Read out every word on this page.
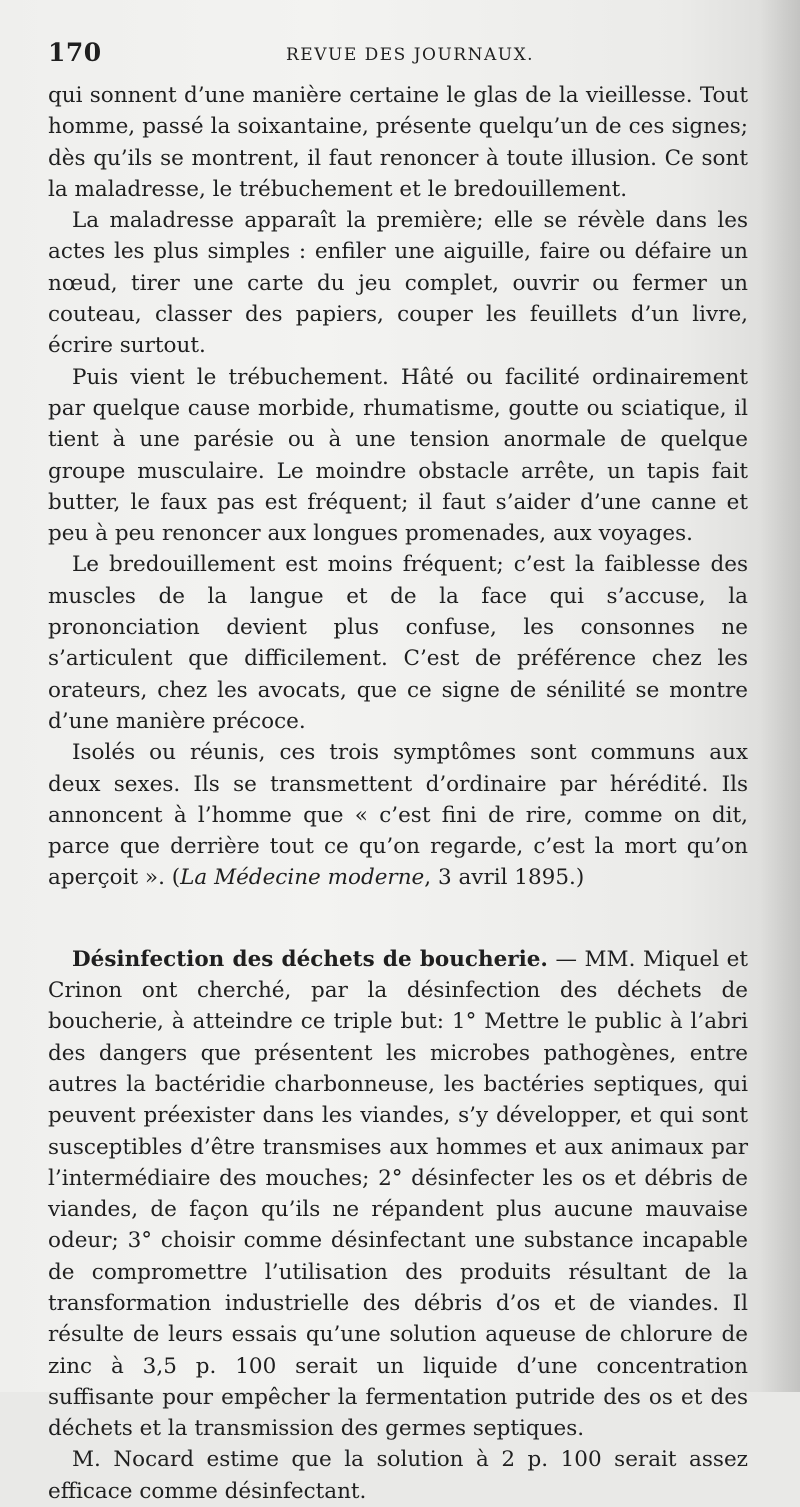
170	REVUE DES JOURNAUX.

qui sonnent d’une manière certaine le glas de la vieillesse. Tout homme, passé la soixantaine, présente quelqu’un de ces signes; dès qu’ils se montrent, il faut renoncer à toute illusion. Ce sont la maladresse, le trébuchement et le bredouillement.

La maladresse apparaît la première; elle se révèle dans les actes les plus simples : enfiler une aiguille, faire ou défaire un nœud, tirer une carte du jeu complet, ouvrir ou fermer un couteau, classer des papiers, couper les feuillets d’un livre, écrire surtout.

Puis vient le trébuchement. Hâté ou facilité ordinairement par quelque cause morbide, rhumatisme, goutte ou sciatique, il tient à une parésie ou à une tension anormale de quelque groupe musculaire. Le moindre obstacle arrête, un tapis fait butter, le faux pas est fréquent; il faut s’aider d’une canne et peu à peu renoncer aux longues promenades, aux voyages.

Le bredouillement est moins fréquent; c’est la faiblesse des muscles de la langue et de la face qui s’accuse, la prononciation devient plus confuse, les consonnes ne s’articulent que difficilement. C’est de préférence chez les orateurs, chez les avocats, que ce signe de sénilité se montre d’une manière précoce.

Isolés ou réunis, ces trois symptômes sont communs aux deux sexes. Ils se transmettent d’ordinaire par hérédité. Ils annoncent à l’homme que « c’est fini de rire, comme on dit, parce que derrière tout ce qu’on regarde, c’est la mort qu’on aperçoit ». (La Médecine moderne, 3 avril 1895.)

Désinfection des déchets de boucherie. — MM. Miquel et Crinon ont cherché, par la désinfection des déchets de boucherie, à atteindre ce triple but: 1° Mettre le public à l’abri des dangers que présentent les microbes pathogènes, entre autres la bactéridie charbonneuse, les bactéries septiques, qui peuvent préexister dans les viandes, s’y développer, et qui sont susceptibles d’être transmises aux hommes et aux animaux par l’intermédiaire des mouches; 2° désinfecter les os et débris de viandes, de façon qu’ils ne répandent plus aucune mauvaise odeur; 3° choisir comme désinfectant une substance incapable de compromettre l’utilisation des produits résultant de la transformation industrielle des débris d’os et de viandes. Il résulte de leurs essais qu’une solution aqueuse de chlorure de zinc à 3,5 p. 100 serait un liquide d’une concentration suffisante pour empêcher la fermentation putride des os et des déchets et la transmission des germes septiques.

M. Nocard estime que la solution à 2 p. 100 serait assez efficace comme désinfectant.
